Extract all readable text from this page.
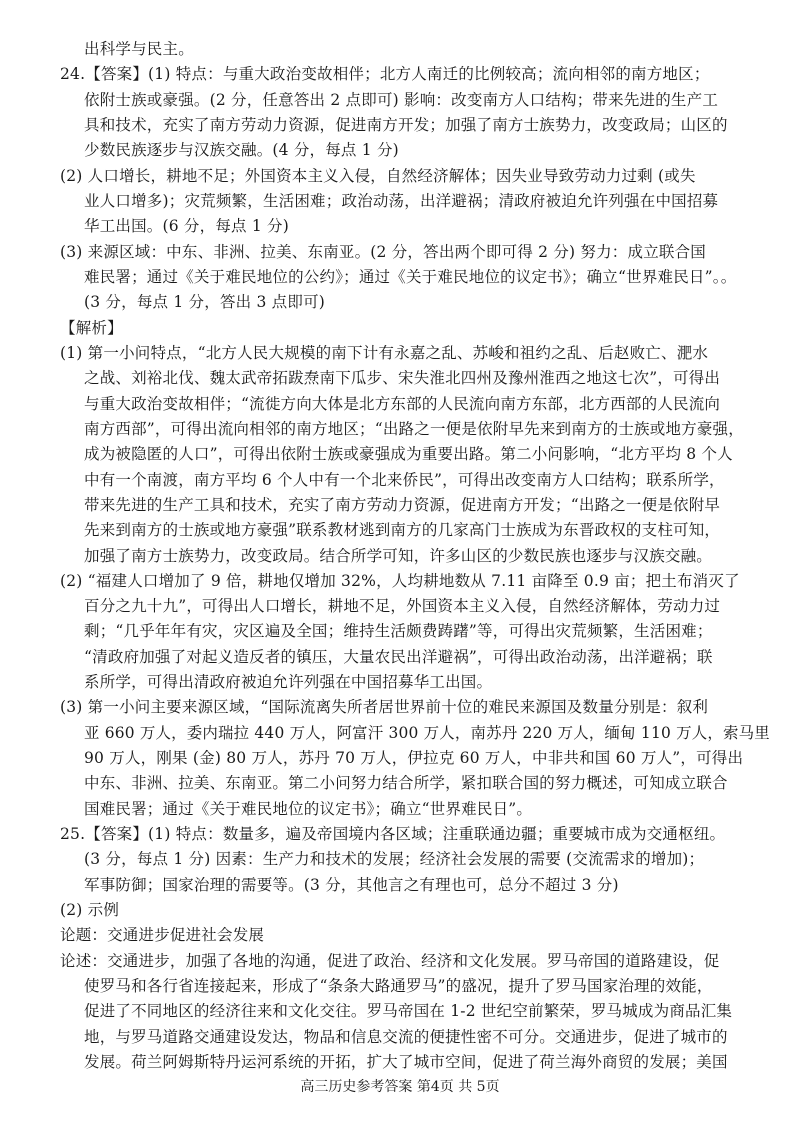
出科学与民主。
24.【答案】(1) 特点：与重大政治变故相伴；北方人南迁的比例较高；流向相邻的南方地区；
依附士族或豪强。(2 分，任意答出 2 点即可) 影响：改变南方人口结构；带来先进的生产工
具和技术，充实了南方劳动力资源，促进南方开发；加强了南方士族势力，改变政局；山区的
少数民族逐步与汉族交融。(4 分，每点 1 分)
(2) 人口增长，耕地不足；外国资本主义入侵，自然经济解体；因失业导致劳动力过剩 (或失
业人口增多)；灾荒频繁，生活困难；政治动荡，出洋避祸；清政府被迫允许列强在中国招募
华工出国。(6 分，每点 1 分)
(3) 来源区域：中东、非洲、拉美、东南亚。(2 分，答出两个即可得 2 分) 努力：成立联合国
难民署；通过《关于难民地位的公约》；通过《关于难民地位的议定书》；确立“世界难民日”。。
(3 分，每点 1 分，答出 3 点即可)
【解析】
(1) 第一小问特点，“北方人民大规模的南下计有永嘉之乱、苏峻和祖约之乱、后赵败亡、淝水
之战、刘裕北伐、魏太武帝拓跋焘南下瓜步、宋失淮北四州及豫州淮西之地这七次”，可得出
与重大政治变故相伴；“流徙方向大体是北方东部的人民流向南方东部，北方西部的人民流向
南方西部”，可得出流向相邻的南方地区；“出路之一便是依附早先来到南方的士族或地方豪强，
成为被隐匿的人口”，可得出依附士族或豪强成为重要出路。第二小问影响，“北方平均 8 个人
中有一个南渡，南方平均 6 个人中有一个北来侨民”，可得出改变南方人口结构；联系所学，
带来先进的生产工具和技术，充实了南方劳动力资源，促进南方开发；“出路之一便是依附早
先来到南方的士族或地方豪强”联系教材逃到南方的几家高门士族成为东晋政权的支柱可知，
加强了南方士族势力，改变政局。结合所学可知，许多山区的少数民族也逐步与汉族交融。
(2) “福建人口增加了 9 倍，耕地仅增加 32%，人均耕地数从 7.11 亩降至 0.9 亩；把土布消灭了
百分之九十九”，可得出人口增长，耕地不足，外国资本主义入侵，自然经济解体，劳动力过
剩；“几乎年年有灾，灾区遍及全国；维持生活颇费踌躇”等，可得出灾荒频繁，生活困难；
“清政府加强了对起义造反者的镇压，大量农民出洋避祸”，可得出政治动荡，出洋避祸；联
系所学，可得出清政府被迫允许列强在中国招募华工出国。
(3) 第一小问主要来源区域，“国际流离失所者居世界前十位的难民来源国及数量分别是：叙利
亚 660 万人，委内瑞拉 440 万人，阿富汗 300 万人，南苏丹 220 万人，缅甸 110 万人，索马里
90 万人，刚果 (金) 80 万人，苏丹 70 万人，伊拉克 60 万人，中非共和国 60 万人”，可得出
中东、非洲、拉美、东南亚。第二小问努力结合所学，紧扣联合国的努力概述，可知成立联合
国难民署；通过《关于难民地位的议定书》；确立“世界难民日”。
25.【答案】(1) 特点：数量多，遍及帝国境内各区域；注重联通边疆；重要城市成为交通枢纽。
(3 分，每点 1 分) 因素：生产力和技术的发展；经济社会发展的需要 (交流需求的增加)；
军事防御；国家治理的需要等。(3 分，其他言之有理也可，总分不超过 3 分)
(2) 示例
论题：交通进步促进社会发展
论述：交通进步，加强了各地的沟通，促进了政治、经济和文化发展。罗马帝国的道路建设，促
使罗马和各行省连接起来，形成了“条条大路通罗马”的盛况，提升了罗马国家治理的效能，
促进了不同地区的经济往来和文化交往。罗马帝国在 1-2 世纪空前繁荣，罗马城成为商品汇集
地，与罗马道路交通建设发达，物品和信息交流的便捷性密不可分。交通进步，促进了城市的
发展。荷兰阿姆斯特丹运河系统的开拓，扩大了城市空间，促进了荷兰海外商贸的发展；美国
高三历史参考答案 第4页 共 5页
